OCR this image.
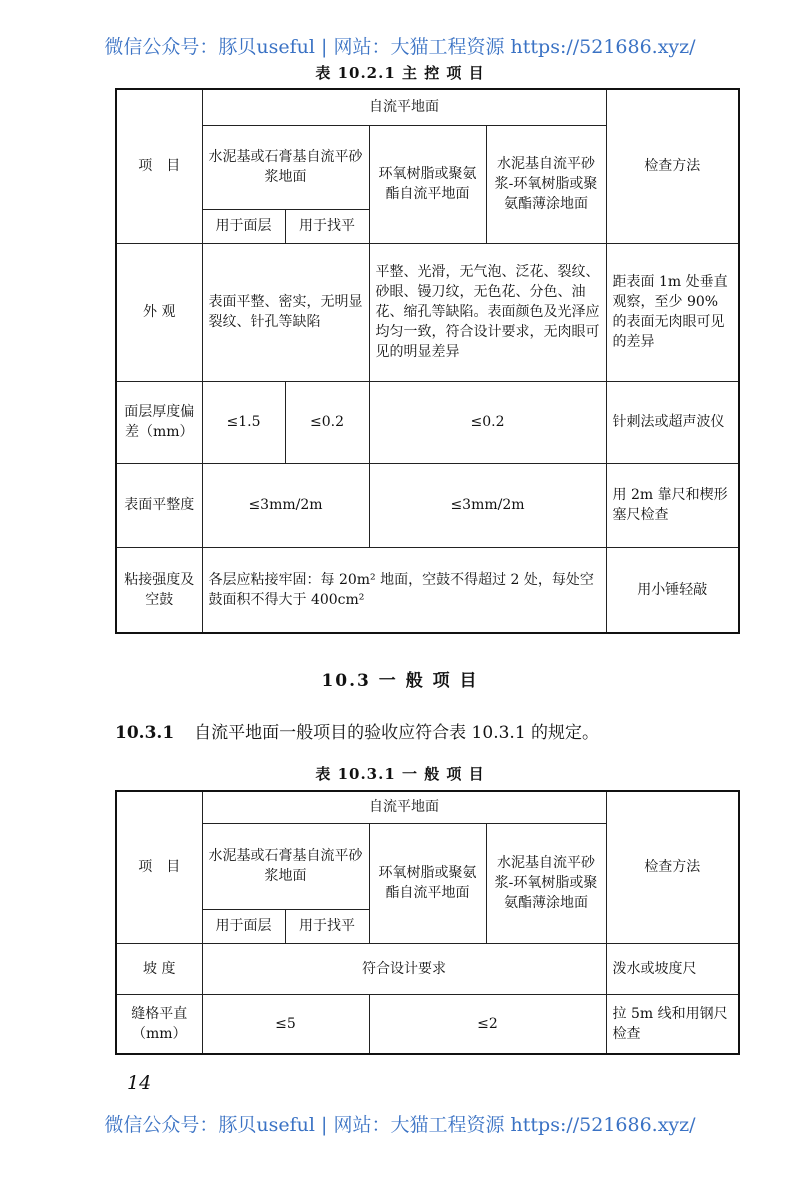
微信公众号：豚贝useful | 网站：大猫工程资源 https://521686.xyz/
表 10.2.1 主 控 项 目
项　目	自流平地面	检查方法
水泥基或石膏基自流平砂浆地面	环氧树脂或聚氨酯自流平地面	水泥基自流平砂浆-环氧树脂或聚氨酯薄涂地面
用于面层	用于找平
外 观	表面平整、密实，无明显裂纹、针孔等缺陷	平整、光滑，无气泡、泛花、裂纹、砂眼、镘刀纹，无色花、分色、油花、缩孔等缺陷。表面颜色及光泽应均匀一致，符合设计要求，无肉眼可见的明显差异	距表面 1m 处垂直观察，至少 90% 的表面无肉眼可见的差异
面层厚度偏差（mm）	≤1.5	≤0.2	≤0.2	针刺法或超声波仪
表面平整度	≤3mm/2m	≤3mm/2m	用 2m 靠尺和楔形塞尺检查
粘接强度及空鼓	各层应粘接牢固：每 20m² 地面，空鼓不得超过 2 处，每处空鼓面积不得大于 400cm²	用小锤轻敲
10.3 一 般 项 目
10.3.1 自流平地面一般项目的验收应符合表 10.3.1 的规定。
表 10.3.1 一 般 项 目
项　目	自流平地面	检查方法
水泥基或石膏基自流平砂浆地面	环氧树脂或聚氨酯自流平地面	水泥基自流平砂浆-环氧树脂或聚氨酯薄涂地面
用于面层	用于找平
坡 度	符合设计要求	泼水或坡度尺
缝格平直（mm）	≤5	≤2	拉 5m 线和用钢尺检查
14
微信公众号：豚贝useful | 网站：大猫工程资源 https://521686.xyz/
